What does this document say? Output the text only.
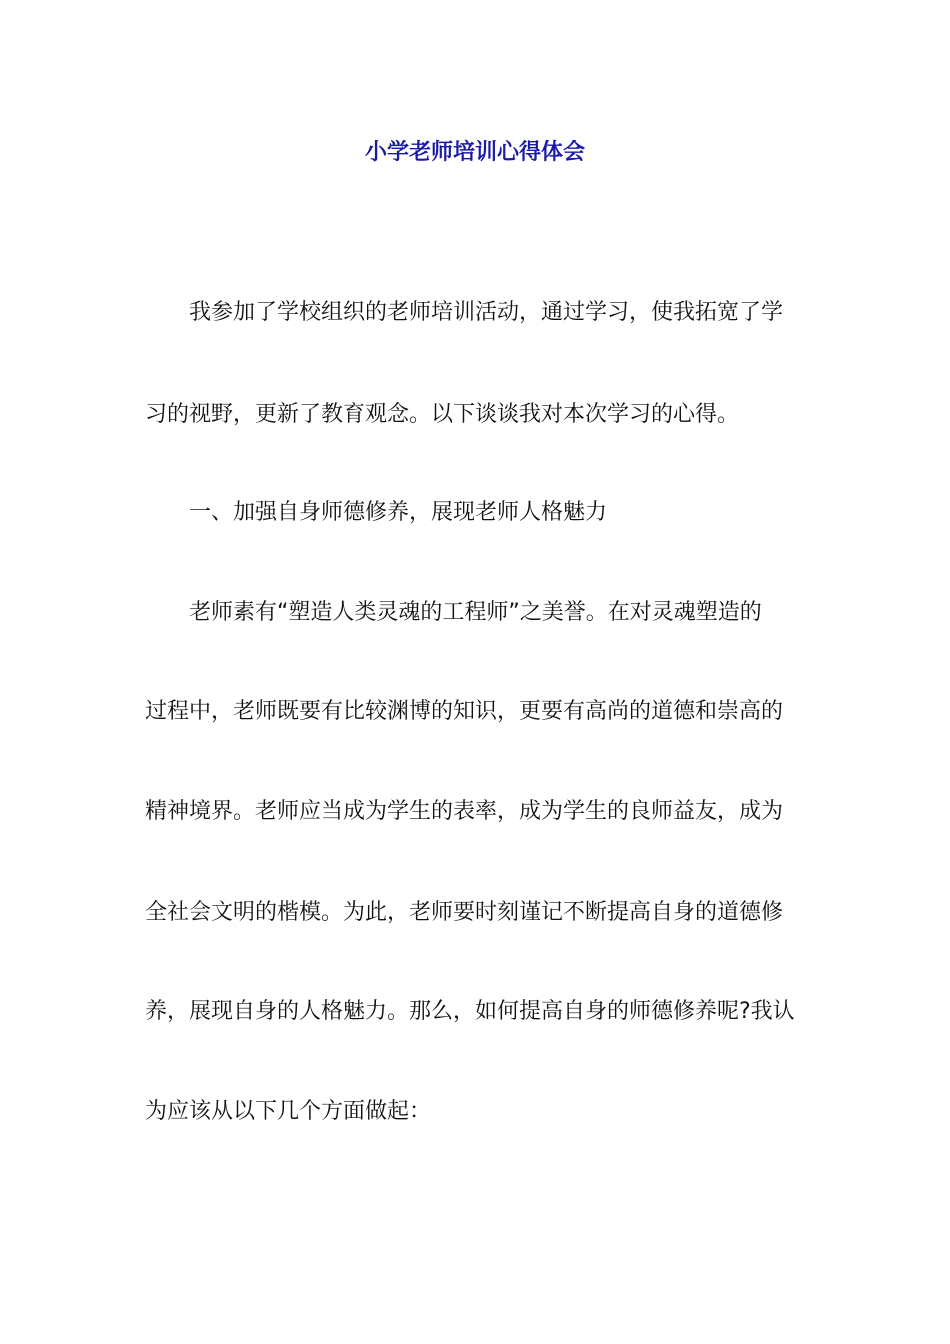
小学老师培训心得体会
我参加了学校组织的老师培训活动，通过学习，使我拓宽了学
习的视野，更新了教育观念。以下谈谈我对本次学习的心得。
一、加强自身师德修养，展现老师人格魅力
老师素有“塑造人类灵魂的工程师”之美誉。在对灵魂塑造的
过程中，老师既要有比较渊博的知识，更要有高尚的道德和崇高的
精神境界。老师应当成为学生的表率，成为学生的良师益友，成为
全社会文明的楷模。为此，老师要时刻谨记不断提高自身的道德修
养，展现自身的人格魅力。那么，如何提高自身的师德修养呢?我认
为应该从以下几个方面做起：
